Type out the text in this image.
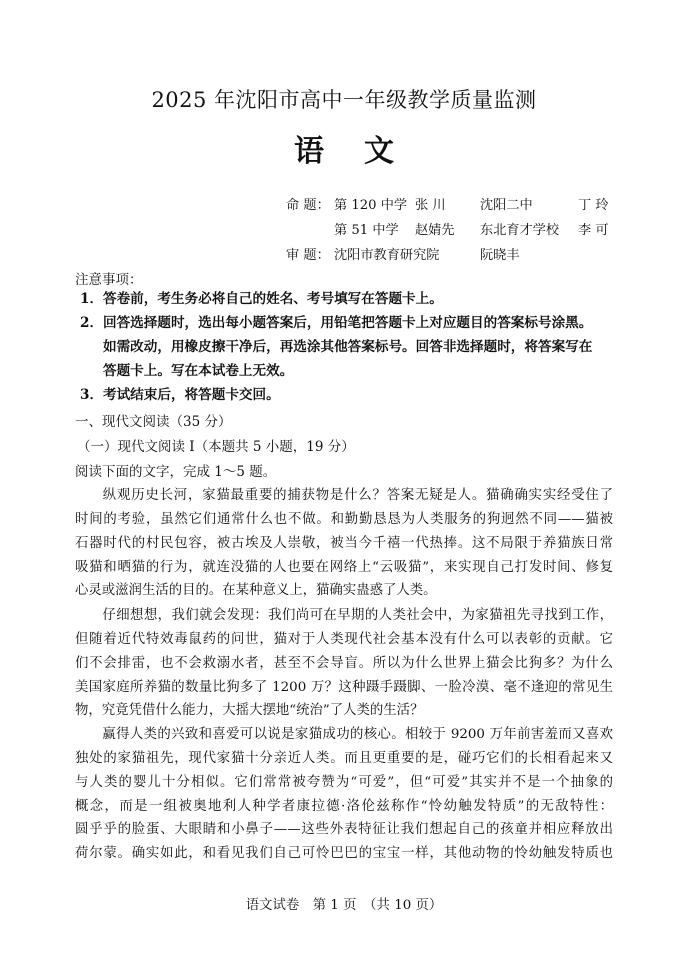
2025 年沈阳市高中一年级教学质量监测
语 文
命 题： 第 120 中学 张 川	沈阳二中	丁 玲
第 51 中学 赵婧先 东北育才学校 李 可
审 题： 沈阳市教育研究院	阮晓丰
注意事项：
1．答卷前，考生务必将自己的姓名、考号填写在答题卡上。
2．回答选择题时，选出每小题答案后，用铅笔把答题卡上对应题目的答案标号涂黑。
如需改动，用橡皮擦干净后，再选涂其他答案标号。回答非选择题时，将答案写在
答题卡上。写在本试卷上无效。
3．考试结束后，将答题卡交回。
一、现代文阅读（35 分）
（一）现代文阅读 I（本题共 5 小题，19 分）
阅读下面的文字，完成 1～5 题。
纵观历史长河，家猫最重要的捕获物是什么？答案无疑是人。猫确确实实经受住了
时间的考验，虽然它们通常什么也不做。和勤勤恳恳为人类服务的狗迥然不同——猫被
石器时代的村民包容，被古埃及人崇敬，被当今千禧一代热捧。这不局限于养猫族日常
吸猫和晒猫的行为，就连没猫的人也要在网络上“云吸猫”，来实现自己打发时间、修复
心灵或滋润生活的目的。在某种意义上，猫确实蛊惑了人类。
仔细想想，我们就会发现：我们尚可在早期的人类社会中，为家猫祖先寻找到工作，
但随着近代特效毒鼠药的问世，猫对于人类现代社会基本没有什么可以表彰的贡献。它
们不会排雷，也不会救溺水者，甚至不会导盲。所以为什么世界上猫会比狗多？为什么
美国家庭所养猫的数量比狗多了 1200 万？这种蹑手蹑脚、一脸冷漠、毫不逢迎的常见生
物，究竟凭借什么能力，大摇大摆地“统治”了人类的生活？
赢得人类的兴致和喜爱可以说是家猫成功的核心。相较于 9200 万年前害羞而又喜欢
独处的家猫祖先，现代家猫十分亲近人类。而且更重要的是，碰巧它们的长相看起来又
与人类的婴儿十分相似。它们常常被夸赞为“可爱”，但“可爱”其实并不是一个抽象的
概念，而是一组被奥地利人种学者康拉德·洛伦兹称作“怜幼触发特质”的无敌特性：
圆乎乎的脸蛋、大眼睛和小鼻子——这些外表特征让我们想起自己的孩童并相应释放出
荷尔蒙。确实如此，和看见我们自己可怜巴巴的宝宝一样，其他动物的怜幼触发特质也
语文试卷　第 1 页　（共 10 页）
